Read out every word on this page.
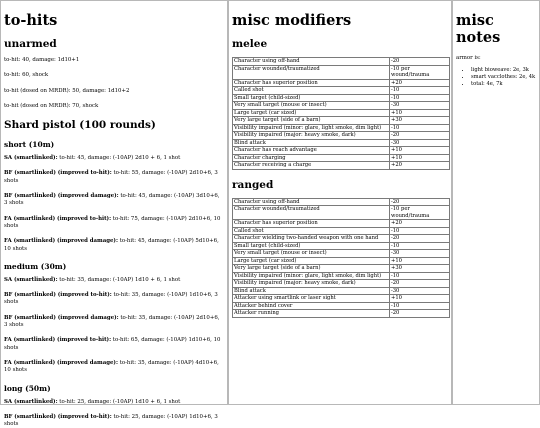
to-hits
unarmed

to-hit: 40, damage: 1d10+1

to-hit: 60, shock

to-hit (dosed on MRDR): 50, damage: 1d10+2

to-hit (dosed on MRDR): 70, shock

Shard pistol (100 rounds)
short (10m)

SA (smartlinked): to-hit: 45, damage: (-10AP) 2d10 + 6, 1 shot

BF (smartlinked) (improved to-hit): to-hit: 55, damage: (-10AP) 2d10+6, 3 shots

BF (smartlinked) (improved damage): to-hit: 45, damage: (-10AP) 3d10+6, 3 shots

FA (smartlinked) (improved to-hit): to-hit: 75, damage: (-10AP) 2d10+6, 10 shots

FA (smartlinked) (improved damage): to-hit: 45, damage: (-10AP) 5d10+6, 10 shots

medium (30m)

SA (smartlinked): to-hit: 35, damage: (-10AP) 1d10 + 6, 1 shot

BF (smartlinked) (improved to-hit): to-hit: 35, damage: (-10AP) 1d10+6, 3 shots

BF (smartlinked) (improved damage): to-hit: 35, damage: (-10AP) 2d10+6, 3 shots

FA (smartlinked) (improved to-hit): to-hit: 65, damage: (-10AP) 1d10+6, 10 shots

FA (smartlinked) (improved damage): to-hit: 35, damage: (-10AP) 4d10+6, 10 shots

long (50m)

SA (smartlinked): to-hit: 25, damage: (-10AP) 1d10 + 6, 1 shot

BF (smartlinked) (improved to-hit): to-hit: 25, damage: (-10AP) 1d10+6, 3 shots

misc modifiers
melee
Character using off-hand	-20
Character wounded/traumatized	-10 per wound/trauma
Character has superior position	+20
Called shot	-10
Small target (child-sized)	-10
Very small target (mouse or insect)	-30
Large target (car sized)	+10
Very large target (side of a barn)	+30
Visibility impaired (minor: glare, light smoke, dim light)	-10
Visibility impaired (major: heavy smoke, dark)	-20
Blind attack	-30
Character has reach advantage	+10
Character charging	+10
Character receiving a charge	+20
ranged
Character using off-hand	-20
Character wounded/traumatized	-10 per wound/trauma
Character has superior position	+20
Called shot	-10
Character wielding two-handed weapon with one hand	-20
Small target (child-sized)	-10
Very small target (mouse or insect)	-30
Large target (car sized)	+10
Very large target (side of a barn)	+30
Visibility impaired (minor: glare, light smoke, dim light)	-10
Visibility impaired (major: heavy smoke, dark)	-20
Blind attack	-30
Attacker using smartlink or laser sight	+10
Attacker behind cover	-10
Attacker running	-20
misc notes
armor is:
• light bioweave: 2e, 3k
• smart vacclothes: 2e, 4k
• total: 4e, 7k
